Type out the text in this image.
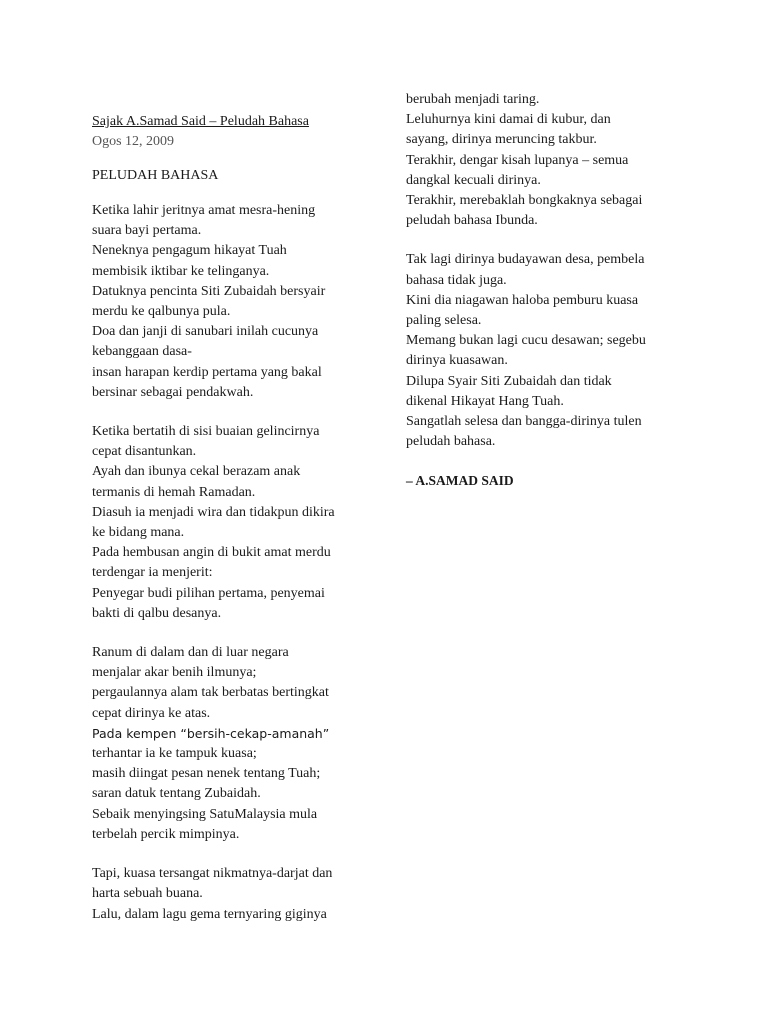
Sajak A.Samad Said – Peludah Bahasa

Ogos 12, 2009

PELUDAH BAHASA

Ketika lahir jeritnya amat mesra-hening
suara bayi pertama.
Neneknya pengagum hikayat Tuah
membisik iktibar ke telinganya.
Datuknya pencinta Siti Zubaidah bersyair
merdu ke qalbunya pula.
Doa dan janji di sanubari inilah cucunya
kebanggaan dasa-
insan harapan kerdip pertama yang bakal
bersinar sebagai pendakwah.
Ketika bertatih di sisi buaian gelincirnya
cepat disantunkan.
Ayah dan ibunya cekal berazam anak
termanis di hemah Ramadan.
Diasuh ia menjadi wira dan tidakpun dikira
ke bidang mana.
Pada hembusan angin di bukit amat merdu
terdengar ia menjerit:
Penyegar budi pilihan pertama, penyemai
bakti di qalbu desanya.
Ranum di dalam dan di luar negara
menjalar akar benih ilmunya;
pergaulannya alam tak berbatas bertingkat
cepat dirinya ke atas.
Pada kempen “bersih-cekap-amanah”
terhantar ia ke tampuk kuasa;
masih diingat pesan nenek tentang Tuah;
saran datuk tentang Zubaidah.
Sebaik menyingsing SatuMalaysia mula
terbelah percik mimpinya.
Tapi, kuasa tersangat nikmatnya-darjat dan
harta sebuah buana.
Lalu, dalam lagu gema ternyaring giginya
berubah menjadi taring.
Leluhurnya kini damai di kubur, dan
sayang, dirinya meruncing takbur.
Terakhir, dengar kisah lupanya – semua
dangkal kecuali dirinya.
Terakhir, merebaklah bongkaknya sebagai
peludah bahasa Ibunda.
Tak lagi dirinya budayawan desa, pembela
bahasa tidak juga.
Kini dia niagawan haloba pemburu kuasa
paling selesa.
Memang bukan lagi cucu desawan; segebu
dirinya kuasawan.
Dilupa Syair Siti Zubaidah dan tidak
dikenal Hikayat Hang Tuah.
Sangatlah selesa dan bangga-dirinya tulen
peludah bahasa.

– A.SAMAD SAID
